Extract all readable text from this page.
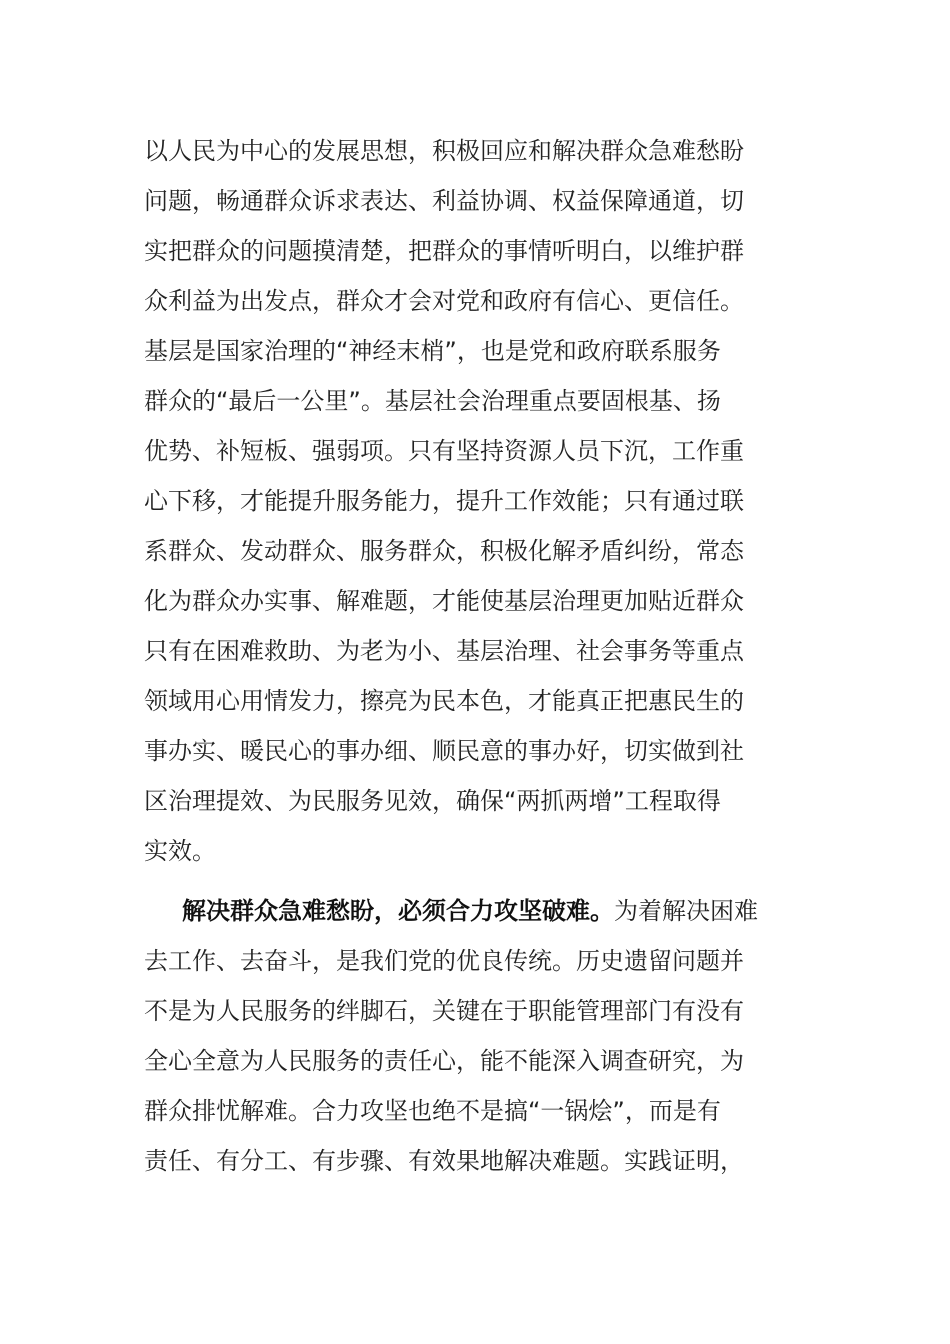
以人民为中心的发展思想，积极回应和解决群众急难愁盼
问题，畅通群众诉求表达、利益协调、权益保障通道，切
实把群众的问题摸清楚，把群众的事情听明白，以维护群
众利益为出发点，群众才会对党和政府有信心、更信任。
基层是国家治理的“神经末梢”，也是党和政府联系服务
群众的“最后一公里”。基层社会治理重点要固根基、扬
优势、补短板、强弱项。只有坚持资源人员下沉，工作重
心下移，才能提升服务能力，提升工作效能；只有通过联
系群众、发动群众、服务群众，积极化解矛盾纠纷，常态
化为群众办实事、解难题，才能使基层治理更加贴近群众
只有在困难救助、为老为小、基层治理、社会事务等重点
领域用心用情发力，擦亮为民本色，才能真正把惠民生的
事办实、暖民心的事办细、顺民意的事办好，切实做到社
区治理提效、为民服务见效，确保“两抓两增”工程取得
实效。
解决群众急难愁盼，必须合力攻坚破难。为着解决困难
去工作、去奋斗，是我们党的优良传统。历史遗留问题并
不是为人民服务的绊脚石，关键在于职能管理部门有没有
全心全意为人民服务的责任心，能不能深入调查研究，为
群众排忧解难。合力攻坚也绝不是搞“一锅烩”，而是有
责任、有分工、有步骤、有效果地解决难题。实践证明，
